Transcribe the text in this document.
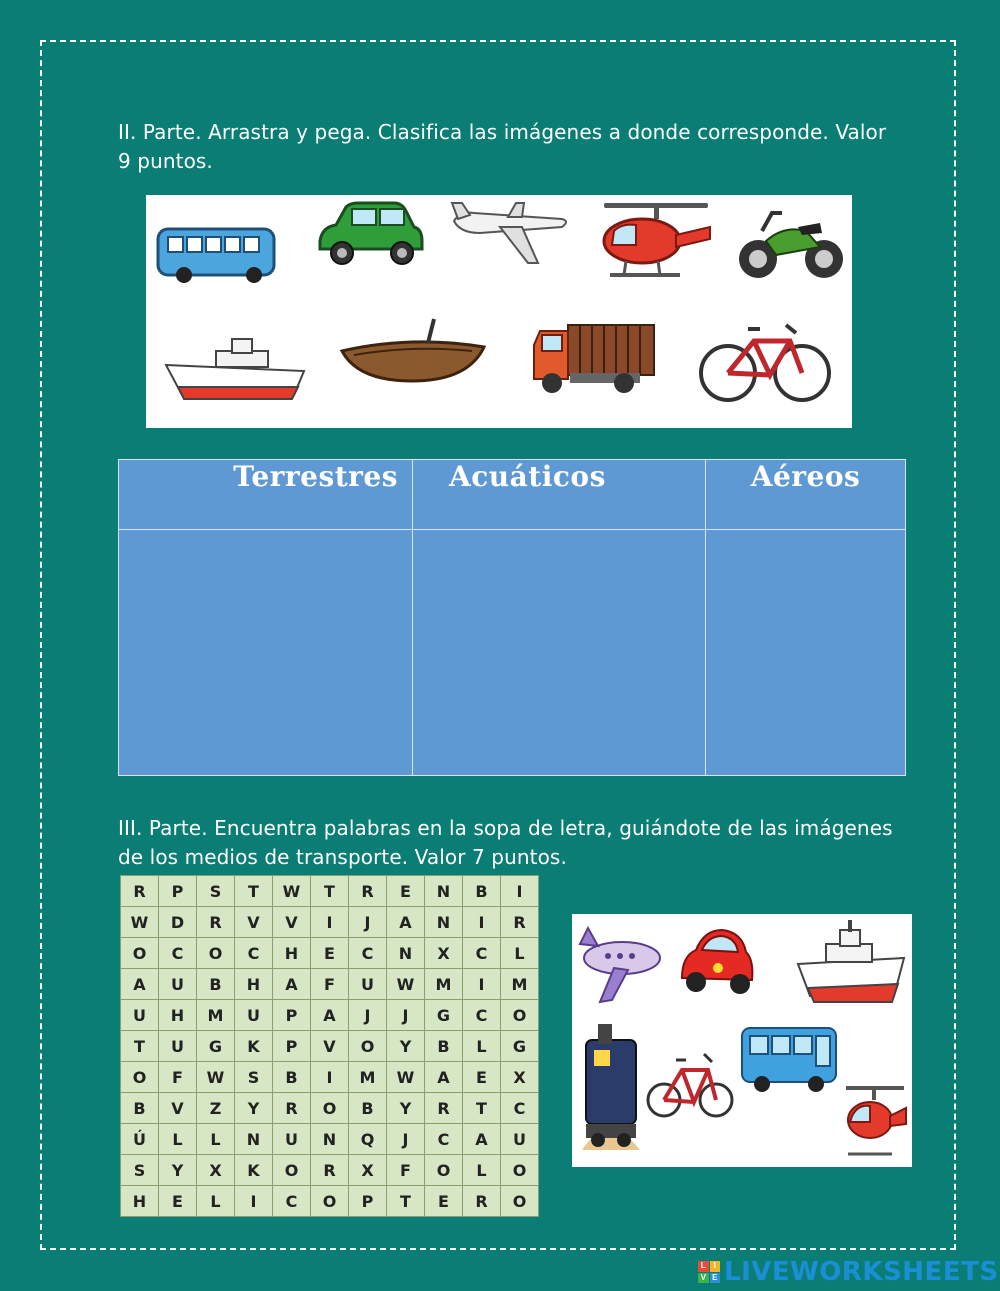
II. Parte. Arrastra y pega. Clasifica las imágenes a donde corresponde. Valor
9 puntos.
Terrestres	Acuáticos	Aéreos

III. Parte. Encuentra palabras en la sopa de letra, guiándote de las imágenes
de los medios de transporte. Valor 7 puntos.
R	P	S	T	W	T	R	E	N	B	I
W	D	R	V	V	I	J	A	N	I	R
O	C	O	C	H	E	C	N	X	C	L
A	U	B	H	A	F	U	W	M	I	M
U	H	M	U	P	A	J	J	G	C	O
T	U	G	K	P	V	O	Y	B	L	G
O	F	W	S	B	I	M	W	A	E	X
B	V	Z	Y	R	O	B	Y	R	T	C
Ú	L	L	N	U	N	Q	J	C	A	U
S	Y	X	K	O	R	X	F	O	L	O
H	E	L	I	C	O	P	T	E	R	O
L I
V E LIVEWORKSHEETS
